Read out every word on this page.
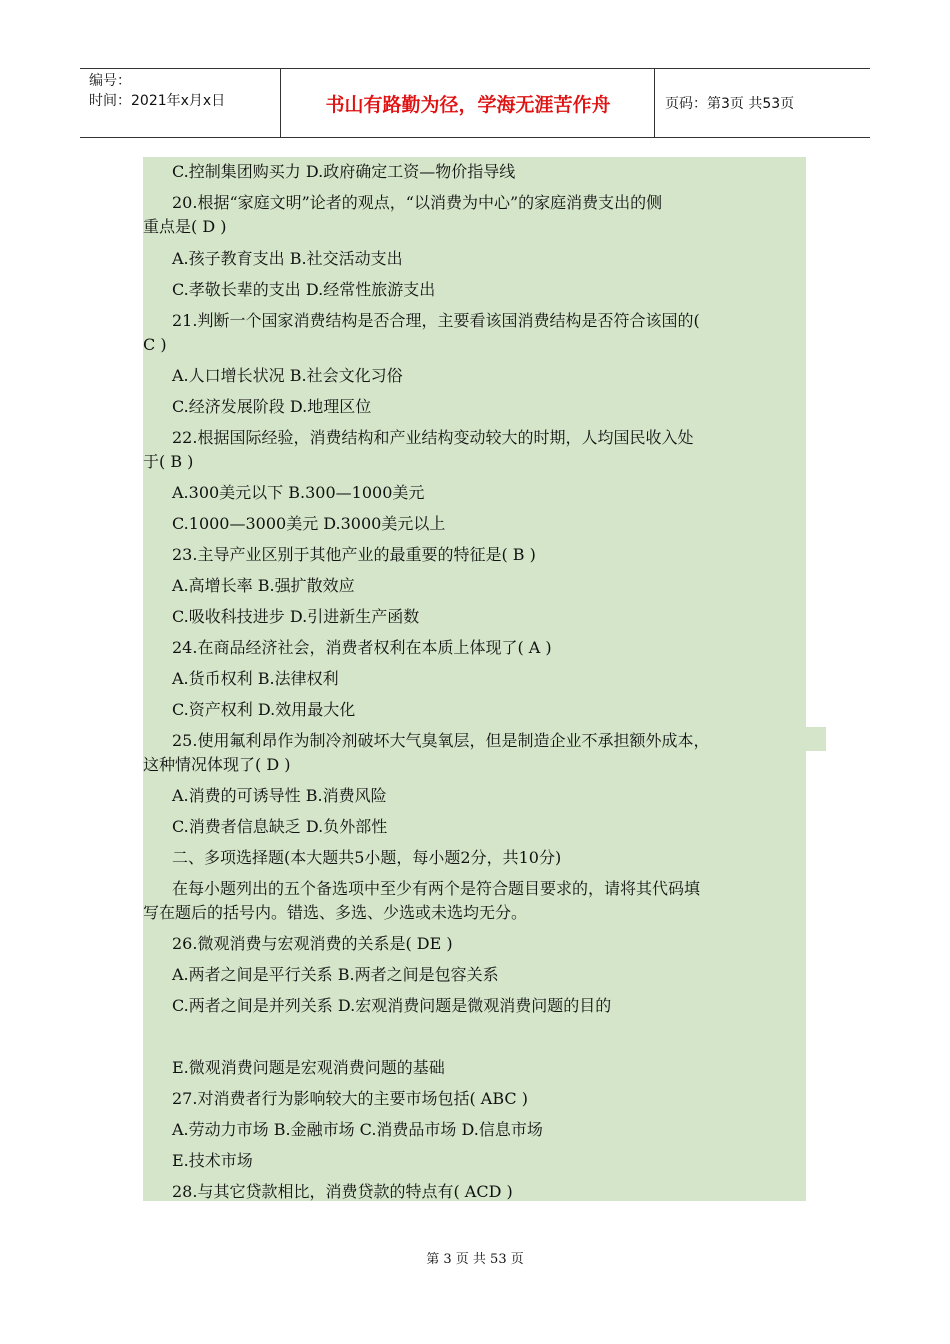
编号：
时间：2021年x月x日	书山有路勤为径，学海无涯苦作舟	页码：第3页 共53页
C.控制集团购买力 D.政府确定工资—物价指导线
20.根据“家庭文明”论者的观点，“以消费为中心”的家庭消费支出的侧
重点是( D )
A.孩子教育支出 B.社交活动支出
C.孝敬长辈的支出 D.经常性旅游支出
21.判断一个国家消费结构是否合理，主要看该国消费结构是否符合该国的(
C )
A.人口增长状况 B.社会文化习俗
C.经济发展阶段 D.地理区位
22.根据国际经验，消费结构和产业结构变动较大的时期，人均国民收入处
于( B )
A.300美元以下 B.300—1000美元
C.1000—3000美元 D.3000美元以上
23.主导产业区别于其他产业的最重要的特征是( B )
A.高增长率 B.强扩散效应
C.吸收科技进步 D.引进新生产函数
24.在商品经济社会，消费者权利在本质上体现了( A )
A.货币权利 B.法律权利
C.资产权利 D.效用最大化
25.使用氟利昂作为制冷剂破坏大气臭氧层，但是制造企业不承担额外成本，
这种情况体现了( D )
A.消费的可诱导性 B.消费风险
C.消费者信息缺乏 D.负外部性
二、多项选择题(本大题共5小题，每小题2分，共10分)
在每小题列出的五个备选项中至少有两个是符合题目要求的，请将其代码填
写在题后的括号内。错选、多选、少选或未选均无分。
26.微观消费与宏观消费的关系是( DE )
A.两者之间是平行关系 B.两者之间是包容关系
C.两者之间是并列关系 D.宏观消费问题是微观消费问题的目的
E.微观消费问题是宏观消费问题的基础
27.对消费者行为影响较大的主要市场包括( ABC )
A.劳动力市场 B.金融市场 C.消费品市场 D.信息市场
E.技术市场
28.与其它贷款相比，消费贷款的特点有( ACD )
第 3 页 共 53 页
